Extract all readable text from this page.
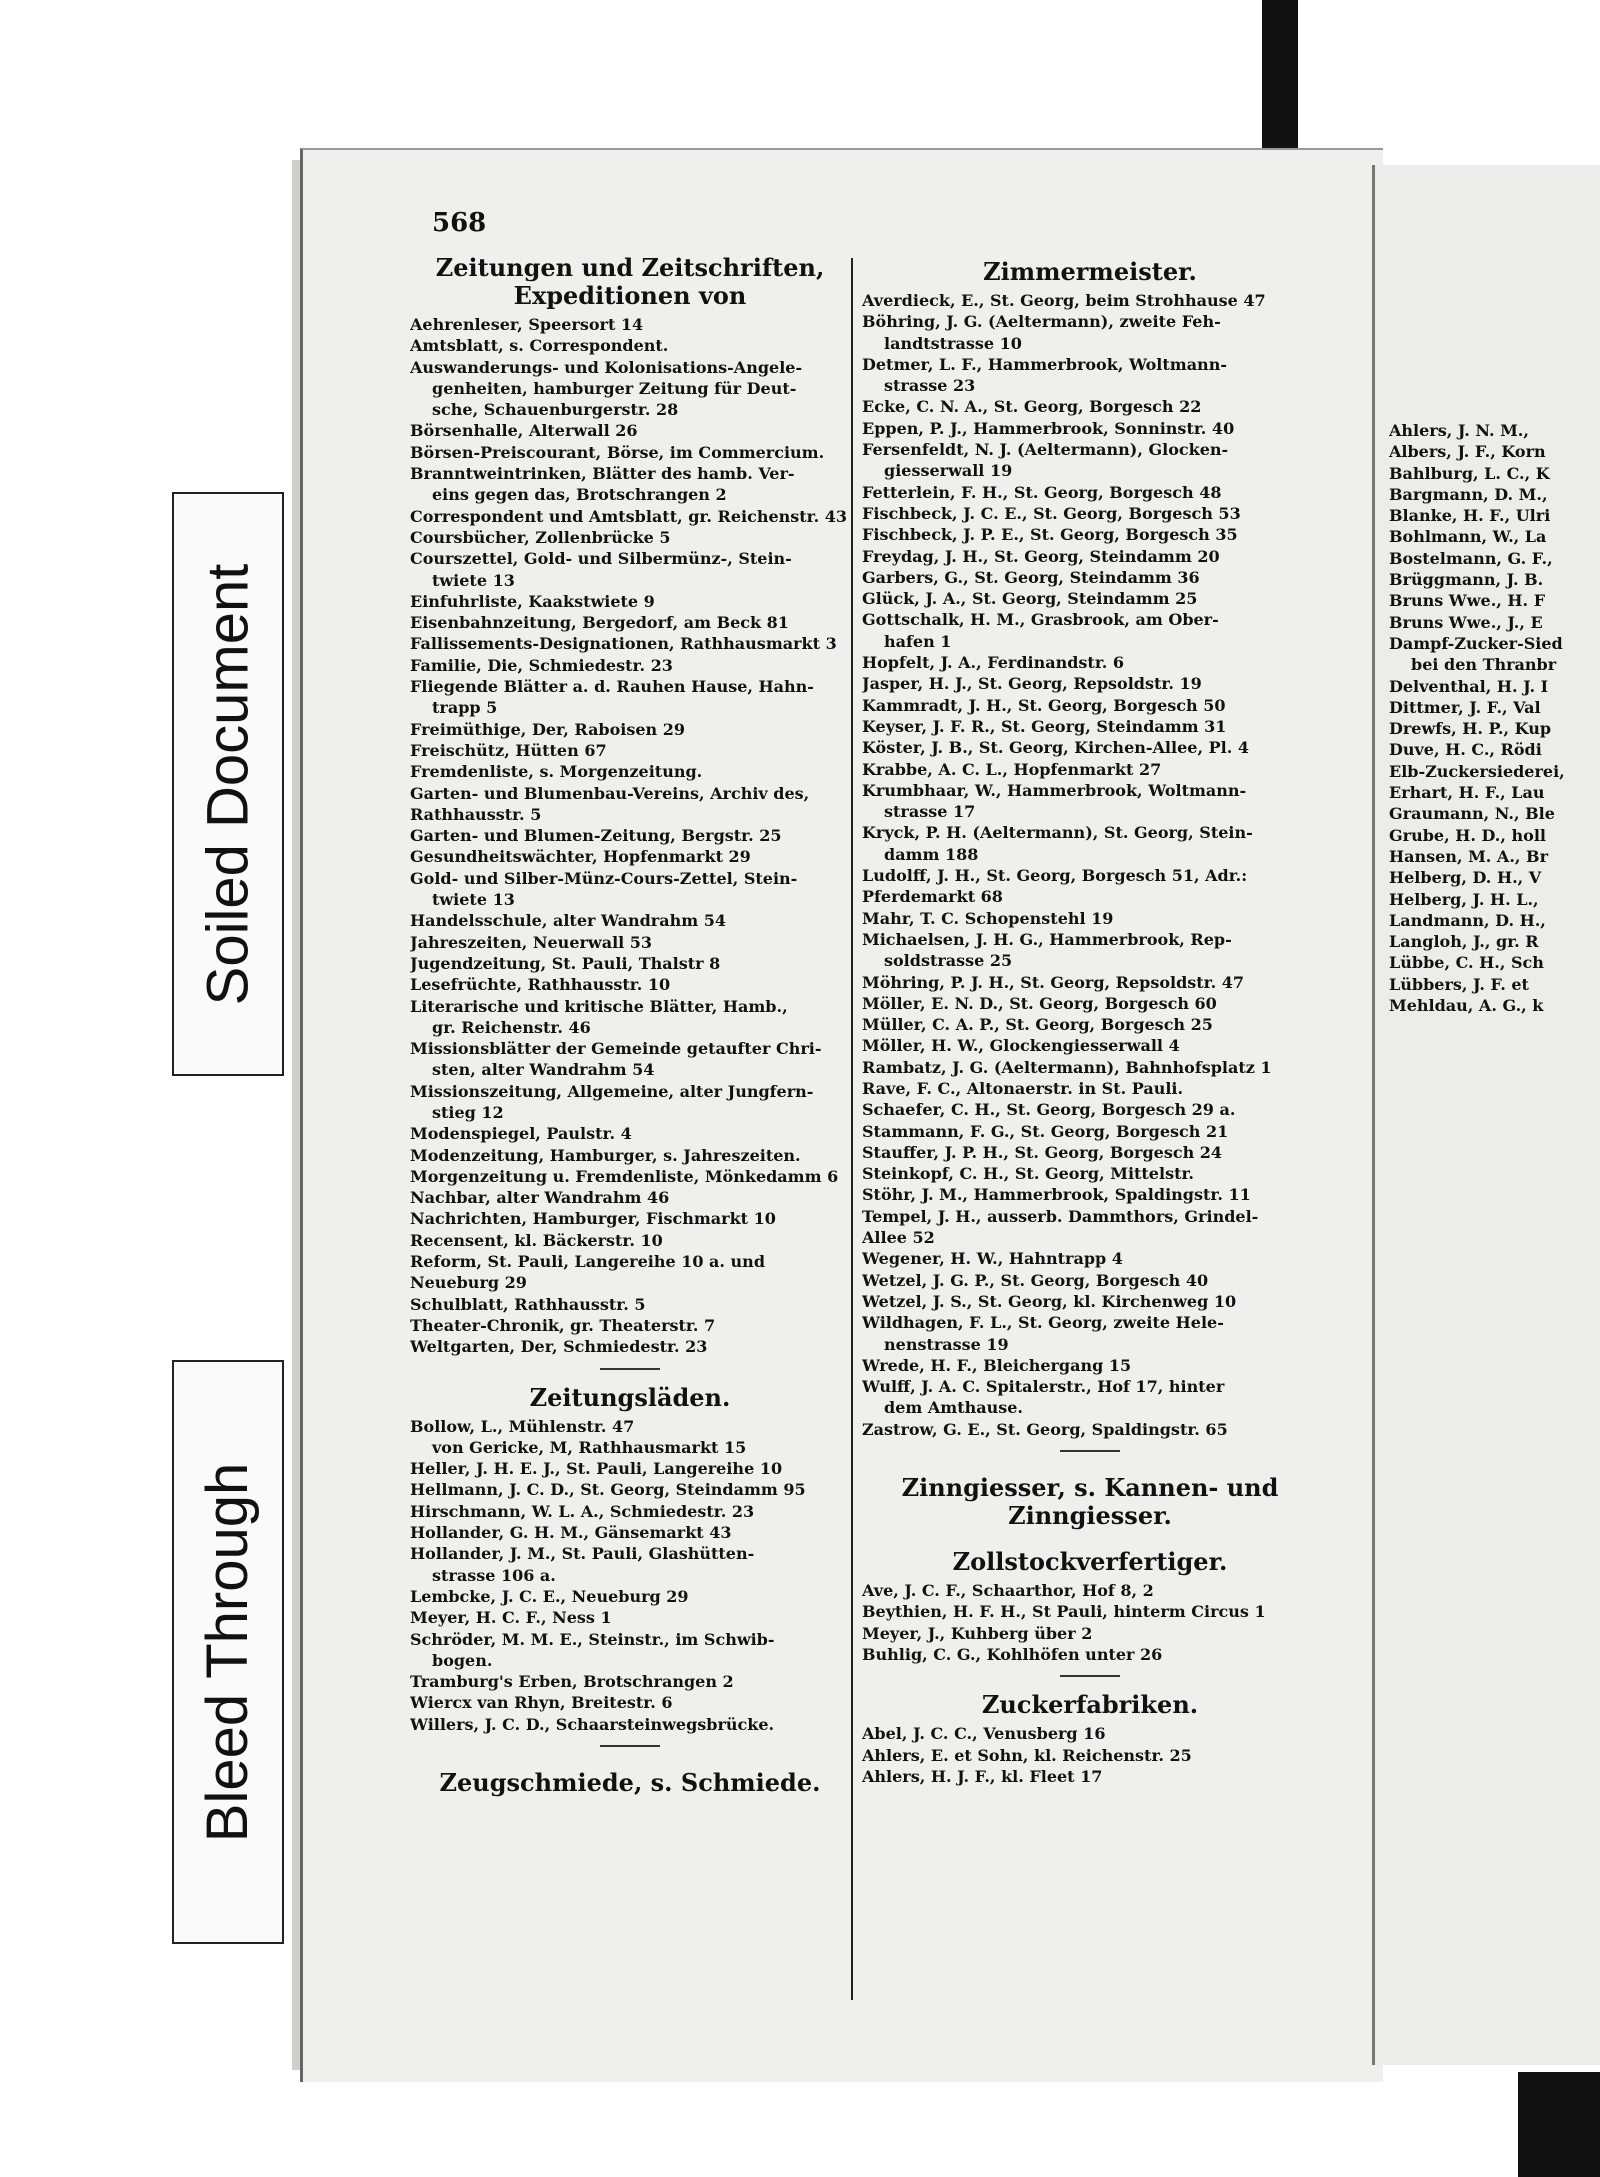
Soiled Document
Bleed Through
Ahlers, J. N. M.,
Albers, J. F., Korn
Bahlburg, L. C., K
Bargmann, D. M.,
Blanke, H. F., Ulri
Bohlmann, W., La
Bostelmann, G. F.,
Brüggmann, J. B.
Bruns Wwe., H. F
Bruns Wwe., J., E
Dampf-Zucker-Sied
bei den Thranbr
Delventhal, H. J. I
Dittmer, J. F., Val
Drewfs, H. P., Kup
Duve, H. C., Rödi
Elb-Zuckersiederei,
Erhart, H. F., Lau
Graumann, N., Ble
Grube, H. D., holl
Hansen, M. A., Br
Helberg, D. H., V
Helberg, J. H. L.,
Landmann, D. H.,
Langloh, J., gr. R
Lübbe, C. H., Sch
Lübbers, J. F. et
Mehldau, A. G., k
568
Zeitungen und Zeitschriften,
Expeditionen von
Aehrenleser, Speersort 14
Amtsblatt, s. Correspondent.
Auswanderungs- und Kolonisations-Angele-
genheiten, hamburger Zeitung für Deut-
sche, Schauenburgerstr. 28
Börsenhalle, Alterwall 26
Börsen-Preiscourant, Börse, im Commercium.
Branntweintrinken, Blätter des hamb. Ver-
eins gegen das, Brotschrangen 2
Correspondent und Amtsblatt, gr. Reichenstr. 43
Coursbücher, Zollenbrücke 5
Courszettel, Gold- und Silbermünz-, Stein-
twiete 13
Einfuhrliste, Kaakstwiete 9
Eisenbahnzeitung, Bergedorf, am Beck 81
Fallissements-Designationen, Rathhausmarkt 3
Familie, Die, Schmiedestr. 23
Fliegende Blätter a. d. Rauhen Hause, Hahn-
trapp 5
Freimüthige, Der, Raboisen 29
Freischütz, Hütten 67
Fremdenliste, s. Morgenzeitung.
Garten- und Blumenbau-Vereins, Archiv des,
Rathhausstr. 5
Garten- und Blumen-Zeitung, Bergstr. 25
Gesundheitswächter, Hopfenmarkt 29
Gold- und Silber-Münz-Cours-Zettel, Stein-
twiete 13
Handelsschule, alter Wandrahm 54
Jahreszeiten, Neuerwall 53
Jugendzeitung, St. Pauli, Thalstr 8
Lesefrüchte, Rathhausstr. 10
Literarische und kritische Blätter, Hamb.,
gr. Reichenstr. 46
Missionsblätter der Gemeinde getaufter Chri-
sten, alter Wandrahm 54
Missionszeitung, Allgemeine, alter Jungfern-
stieg 12
Modenspiegel, Paulstr. 4
Modenzeitung, Hamburger, s. Jahreszeiten.
Morgenzeitung u. Fremdenliste, Mönkedamm 6
Nachbar, alter Wandrahm 46
Nachrichten, Hamburger, Fischmarkt 10
Recensent, kl. Bäckerstr. 10
Reform, St. Pauli, Langereihe 10 a. und
Neueburg 29
Schulblatt, Rathhausstr. 5
Theater-Chronik, gr. Theaterstr. 7
Weltgarten, Der, Schmiedestr. 23
Zeitungsläden.
Bollow, L., Mühlenstr. 47
von Gericke, M, Rathhausmarkt 15
Heller, J. H. E. J., St. Pauli, Langereihe 10
Hellmann, J. C. D., St. Georg, Steindamm 95
Hirschmann, W. L. A., Schmiedestr. 23
Hollander, G. H. M., Gänsemarkt 43
Hollander, J. M., St. Pauli, Glashütten-
strasse 106 a.
Lembcke, J. C. E., Neueburg 29
Meyer, H. C. F., Ness 1
Schröder, M. M. E., Steinstr., im Schwib-
bogen.
Tramburg's Erben, Brotschrangen 2
Wiercx van Rhyn, Breitestr. 6
Willers, J. C. D., Schaarsteinwegsbrücke.
Zeugschmiede, s. Schmiede.
Zimmermeister.
Averdieck, E., St. Georg, beim Strohhause 47
Böhring, J. G. (Aeltermann), zweite Feh-
landtstrasse 10
Detmer, L. F., Hammerbrook, Woltmann-
strasse 23
Ecke, C. N. A., St. Georg, Borgesch 22
Eppen, P. J., Hammerbrook, Sonninstr. 40
Fersenfeldt, N. J. (Aeltermann), Glocken-
giesserwall 19
Fetterlein, F. H., St. Georg, Borgesch 48
Fischbeck, J. C. E., St. Georg, Borgesch 53
Fischbeck, J. P. E., St. Georg, Borgesch 35
Freydag, J. H., St. Georg, Steindamm 20
Garbers, G., St. Georg, Steindamm 36
Glück, J. A., St. Georg, Steindamm 25
Gottschalk, H. M., Grasbrook, am Ober-
hafen 1
Hopfelt, J. A., Ferdinandstr. 6
Jasper, H. J., St. Georg, Repsoldstr. 19
Kammradt, J. H., St. Georg, Borgesch 50
Keyser, J. F. R., St. Georg, Steindamm 31
Köster, J. B., St. Georg, Kirchen-Allee, Pl. 4
Krabbe, A. C. L., Hopfenmarkt 27
Krumbhaar, W., Hammerbrook, Woltmann-
strasse 17
Kryck, P. H. (Aeltermann), St. Georg, Stein-
damm 188
Ludolff, J. H., St. Georg, Borgesch 51, Adr.:
Pferdemarkt 68
Mahr, T. C. Schopenstehl 19
Michaelsen, J. H. G., Hammerbrook, Rep-
soldstrasse 25
Möhring, P. J. H., St. Georg, Repsoldstr. 47
Möller, E. N. D., St. Georg, Borgesch 60
Müller, C. A. P., St. Georg, Borgesch 25
Möller, H. W., Glockengiesserwall 4
Rambatz, J. G. (Aeltermann), Bahnhofsplatz 1
Rave, F. C., Altonaerstr. in St. Pauli.
Schaefer, C. H., St. Georg, Borgesch 29 a.
Stammann, F. G., St. Georg, Borgesch 21
Stauffer, J. P. H., St. Georg, Borgesch 24
Steinkopf, C. H., St. Georg, Mittelstr.
Stöhr, J. M., Hammerbrook, Spaldingstr. 11
Tempel, J. H., ausserb. Dammthors, Grindel-
Allee 52
Wegener, H. W., Hahntrapp 4
Wetzel, J. G. P., St. Georg, Borgesch 40
Wetzel, J. S., St. Georg, kl. Kirchenweg 10
Wildhagen, F. L., St. Georg, zweite Hele-
nenstrasse 19
Wrede, H. F., Bleichergang 15
Wulff, J. A. C. Spitalerstr., Hof 17, hinter
dem Amthause.
Zastrow, G. E., St. Georg, Spaldingstr. 65
Zinngiesser, s. Kannen- und
Zinngiesser.
Zollstockverfertiger.
Ave, J. C. F., Schaarthor, Hof 8, 2
Beythien, H. F. H., St Pauli, hinterm Circus 1
Meyer, J., Kuhberg über 2
Buhlig, C. G., Kohlhöfen unter 26
Zuckerfabriken.
Abel, J. C. C., Venusberg 16
Ahlers, E. et Sohn, kl. Reichenstr. 25
Ahlers, H. J. F., kl. Fleet 17
